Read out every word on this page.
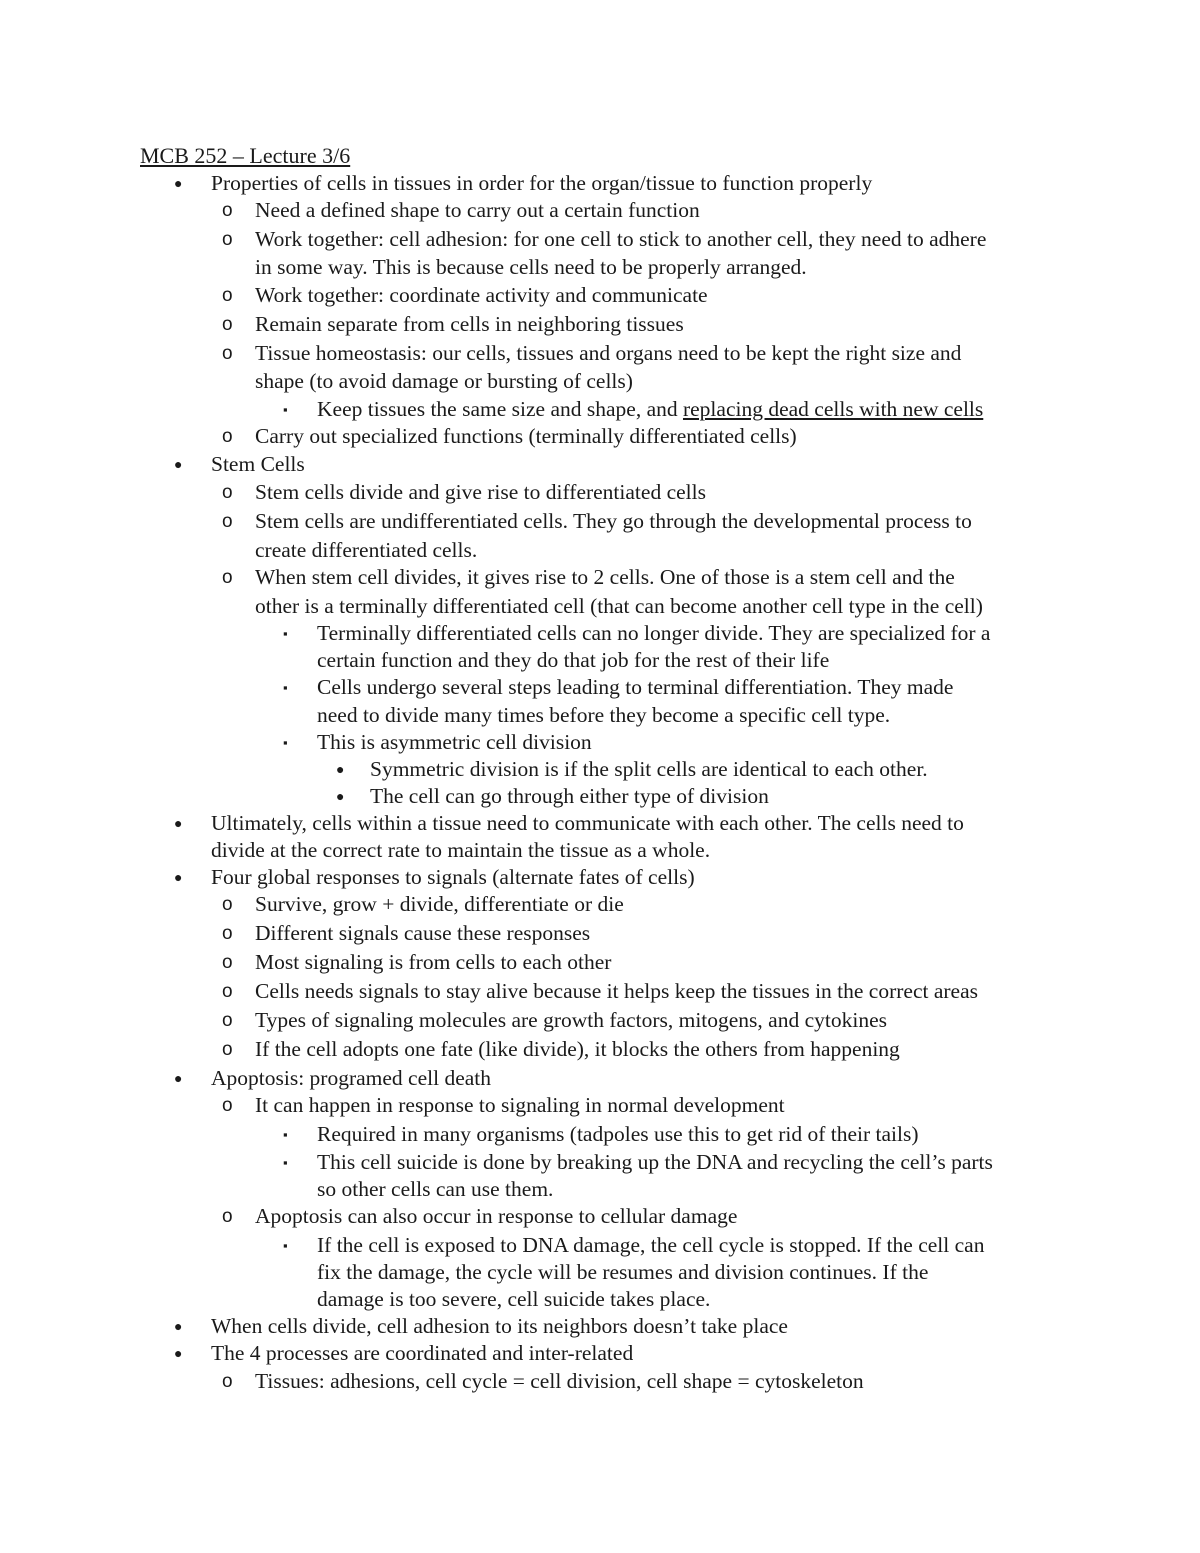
MCB 252 – Lecture 3/6
● Properties of cells in tissues in order for the organ/tissue to function properly
o Need a defined shape to carry out a certain function
o Work together: cell adhesion: for one cell to stick to another cell, they need to adhere
in some way. This is because cells need to be properly arranged.
o Work together: coordinate activity and communicate
o Remain separate from cells in neighboring tissues
o Tissue homeostasis: our cells, tissues and organs need to be kept the right size and
shape (to avoid damage or bursting of cells)
▪ Keep tissues the same size and shape, and replacing dead cells with new cells
o Carry out specialized functions (terminally differentiated cells)
● Stem Cells
o Stem cells divide and give rise to differentiated cells
o Stem cells are undifferentiated cells. They go through the developmental process to
create differentiated cells.
o When stem cell divides, it gives rise to 2 cells. One of those is a stem cell and the
other is a terminally differentiated cell (that can become another cell type in the cell)
▪ Terminally differentiated cells can no longer divide. They are specialized for a
certain function and they do that job for the rest of their life
▪ Cells undergo several steps leading to terminal differentiation. They made
need to divide many times before they become a specific cell type.
▪ This is asymmetric cell division
● Symmetric division is if the split cells are identical to each other.
● The cell can go through either type of division
● Ultimately, cells within a tissue need to communicate with each other. The cells need to
divide at the correct rate to maintain the tissue as a whole.
● Four global responses to signals (alternate fates of cells)
o Survive, grow + divide, differentiate or die
o Different signals cause these responses
o Most signaling is from cells to each other
o Cells needs signals to stay alive because it helps keep the tissues in the correct areas
o Types of signaling molecules are growth factors, mitogens, and cytokines
o If the cell adopts one fate (like divide), it blocks the others from happening
● Apoptosis: programed cell death
o It can happen in response to signaling in normal development
▪ Required in many organisms (tadpoles use this to get rid of their tails)
▪ This cell suicide is done by breaking up the DNA and recycling the cell’s parts
so other cells can use them.
o Apoptosis can also occur in response to cellular damage
▪ If the cell is exposed to DNA damage, the cell cycle is stopped. If the cell can
fix the damage, the cycle will be resumes and division continues. If the
damage is too severe, cell suicide takes place.
● When cells divide, cell adhesion to its neighbors doesn’t take place
● The 4 processes are coordinated and inter-related
o Tissues: adhesions, cell cycle = cell division, cell shape = cytoskeleton
